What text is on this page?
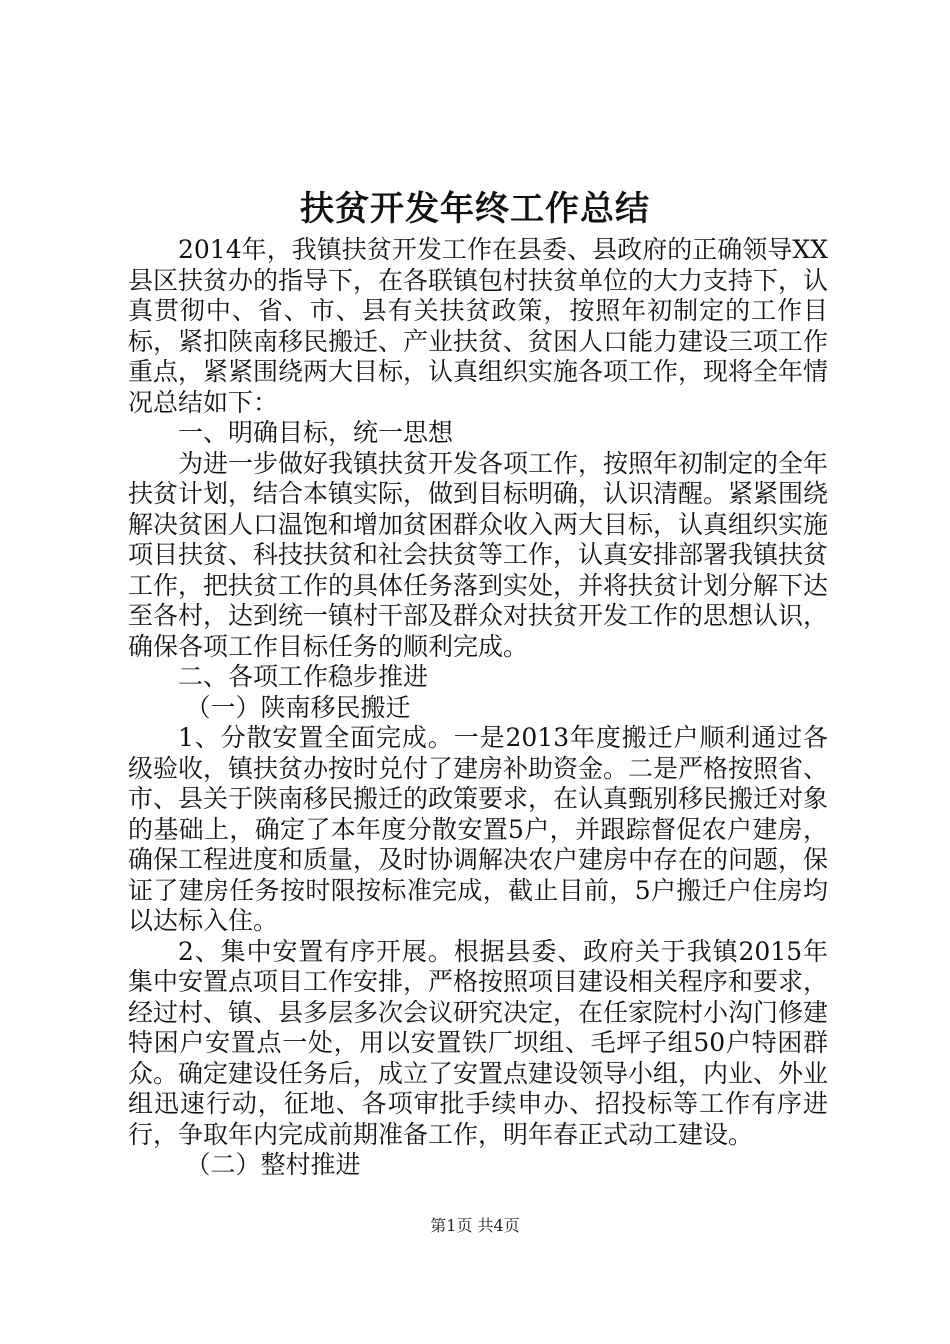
扶贫开发年终工作总结

2014年，我镇扶贫开发工作在县委、县政府的正确领导XX县区扶贫办的指导下，在各联镇包村扶贫单位的大力支持下，认真贯彻中、省、市、县有关扶贫政策，按照年初制定的工作目标，紧扣陕南移民搬迁、产业扶贫、贫困人口能力建设三项工作重点，紧紧围绕两大目标，认真组织实施各项工作，现将全年情况总结如下：

一、明确目标，统一思想

为进一步做好我镇扶贫开发各项工作，按照年初制定的全年扶贫计划，结合本镇实际，做到目标明确，认识清醒。紧紧围绕解决贫困人口温饱和增加贫困群众收入两大目标，认真组织实施项目扶贫、科技扶贫和社会扶贫等工作，认真安排部署我镇扶贫工作，把扶贫工作的具体任务落到实处，并将扶贫计划分解下达至各村，达到统一镇村干部及群众对扶贫开发工作的思想认识，确保各项工作目标任务的顺利完成。

二、各项工作稳步推进

（一）陕南移民搬迁

1、分散安置全面完成。一是2013年度搬迁户顺利通过各级验收，镇扶贫办按时兑付了建房补助资金。二是严格按照省、市、县关于陕南移民搬迁的政策要求，在认真甄别移民搬迁对象的基础上，确定了本年度分散安置5户，并跟踪督促农户建房，确保工程进度和质量，及时协调解决农户建房中存在的问题，保证了建房任务按时限按标准完成，截止目前，5户搬迁户住房均以达标入住。

2、集中安置有序开展。根据县委、政府关于我镇2015年集中安置点项目工作安排，严格按照项目建设相关程序和要求，经过村、镇、县多层多次会议研究决定，在任家院村小沟门修建特困户安置点一处，用以安置铁厂坝组、毛坪子组50户特困群众。确定建设任务后，成立了安置点建设领导小组，内业、外业组迅速行动，征地、各项审批手续申办、招投标等工作有序进行，争取年内完成前期准备工作，明年春正式动工建设。

（二）整村推进

第1页 共4页
